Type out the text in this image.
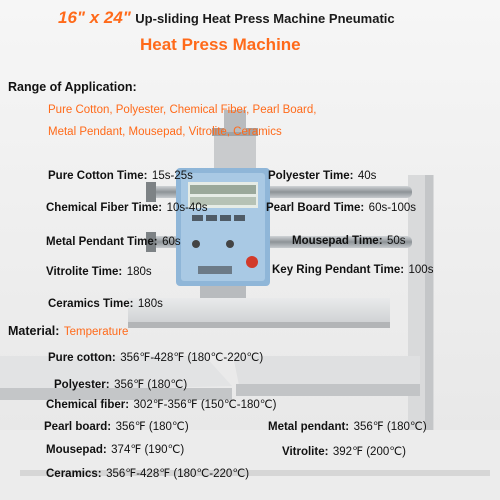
16" x 24" Up-sliding Heat Press Machine Pneumatic
Heat Press Machine
Range of Application:
Pure Cotton, Polyester, Chemical Fiber, Pearl Board,
Metal Pendant, Mousepad, Vitrolite, Ceramics
Pure Cotton Time: 15s-25s	Polyester Time: 40s
Chemical Fiber Time: 10s-40s	Pearl Board Time: 60s-100s
Metal Pendant Time: 60s	Mousepad Time: 50s
Vitrolite Time: 180s	Key Ring Pendant Time: 100s
Ceramics Time: 180s
Material: Temperature
Pure cotton: 356℉-428℉ (180℃-220℃)
Polyester: 356℉ (180℃)
Chemical fiber: 302℉-356℉ (150℃-180℃)
Pearl board: 356℉ (180℃)	Metal pendant: 356℉ (180℃)
Mousepad: 374℉ (190℃)	Vitrolite: 392℉ (200℃)
Ceramics: 356℉-428℉ (180℃-220℃)
